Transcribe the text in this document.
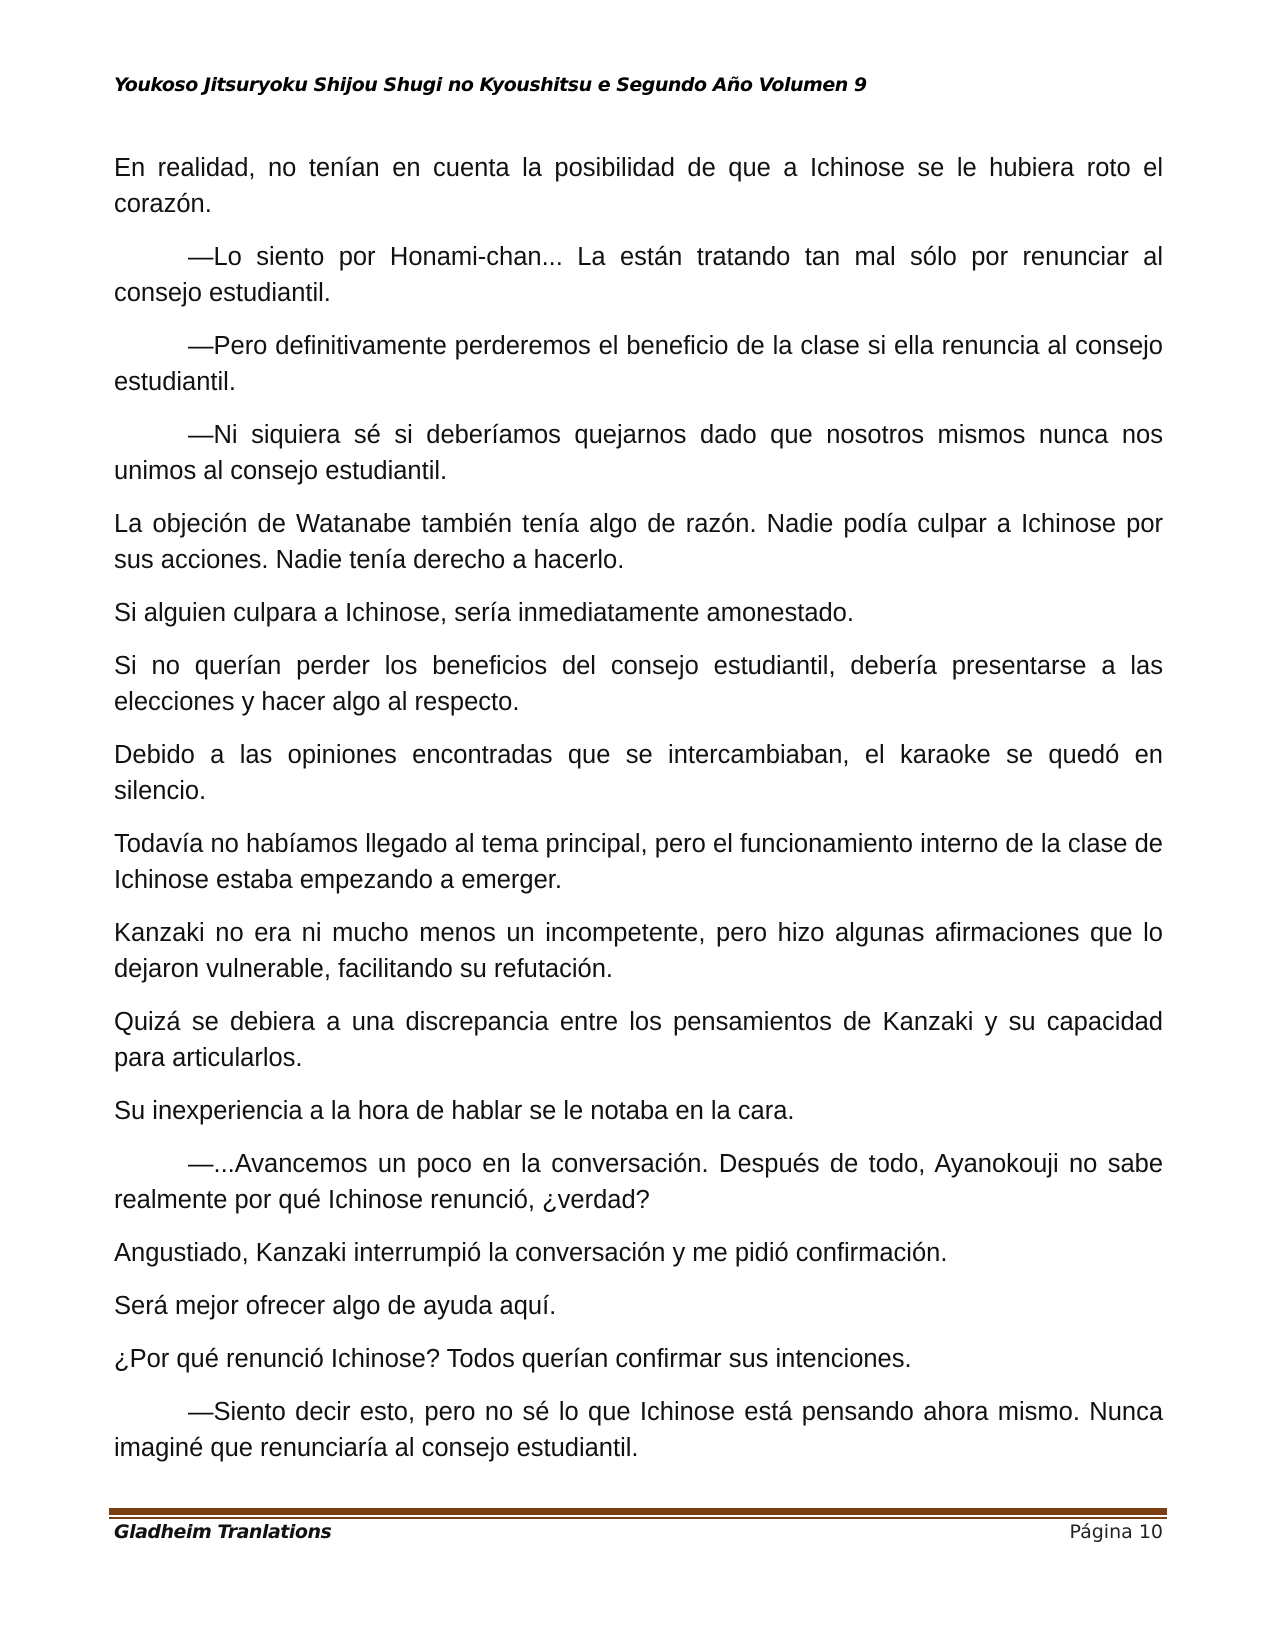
Youkoso Jitsuryoku Shijou Shugi no Kyoushitsu e Segundo Año Volumen 9

En realidad, no tenían en cuenta la posibilidad de que a Ichinose se le hubiera roto el corazón.

—Lo siento por Honami-chan... La están tratando tan mal sólo por renunciar al consejo estudiantil.

—Pero definitivamente perderemos el beneficio de la clase si ella renuncia al consejo estudiantil.

—Ni siquiera sé si deberíamos quejarnos dado que nosotros mismos nunca nos unimos al consejo estudiantil.

La objeción de Watanabe también tenía algo de razón. Nadie podía culpar a Ichinose por sus acciones. Nadie tenía derecho a hacerlo.

Si alguien culpara a Ichinose, sería inmediatamente amonestado.

Si no querían perder los beneficios del consejo estudiantil, debería presentarse a las elecciones y hacer algo al respecto.

Debido a las opiniones encontradas que se intercambiaban, el karaoke se quedó en silencio.

Todavía no habíamos llegado al tema principal, pero el funcionamiento interno de la clase de Ichinose estaba empezando a emerger.

Kanzaki no era ni mucho menos un incompetente, pero hizo algunas afirmaciones que lo dejaron vulnerable, facilitando su refutación.

Quizá se debiera a una discrepancia entre los pensamientos de Kanzaki y su capacidad para articularlos.

Su inexperiencia a la hora de hablar se le notaba en la cara.

—...Avancemos un poco en la conversación. Después de todo, Ayanokouji no sabe realmente por qué Ichinose renunció, ¿verdad?

Angustiado, Kanzaki interrumpió la conversación y me pidió confirmación.

Será mejor ofrecer algo de ayuda aquí.

¿Por qué renunció Ichinose? Todos querían confirmar sus intenciones.

—Siento decir esto, pero no sé lo que Ichinose está pensando ahora mismo. Nunca imaginé que renunciaría al consejo estudiantil.

Gladheim Tranlations	Página 10
